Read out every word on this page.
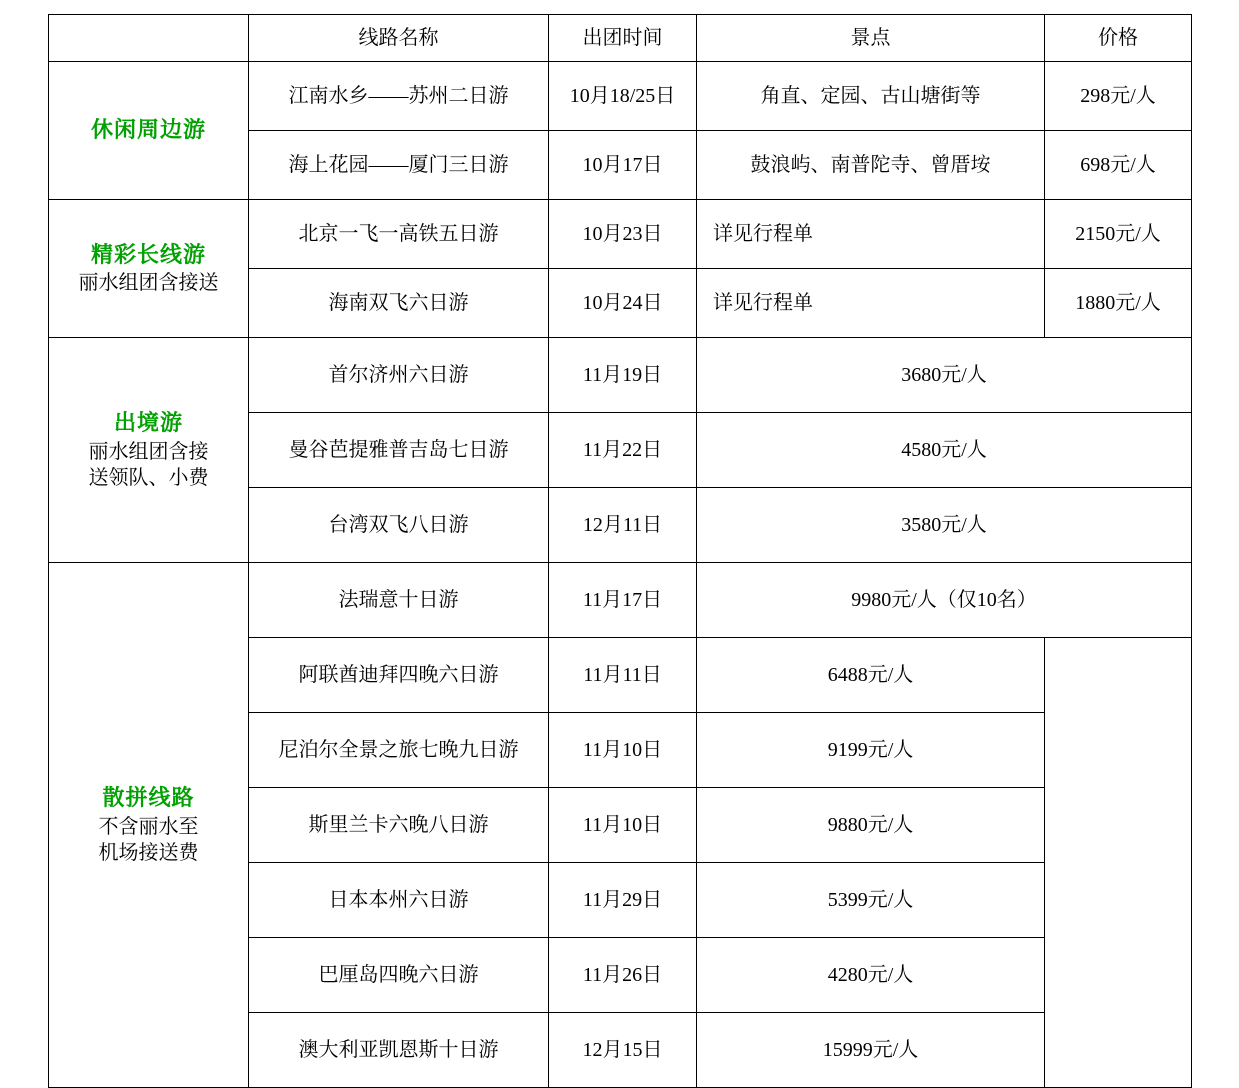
	线路名称	出团时间	景点	价格

休闲周边游	江南水乡——苏州二日游	10月18/25日	角直、定园、古山塘街等	298元/人
	海上花园——厦门三日游	10月17日	鼓浪屿、南普陀寺、曾厝垵	698元/人

精彩长线游
丽水组团含接送	北京一飞一高铁五日游	10月23日	详见行程单	2150元/人
	海南双飞六日游	10月24日	详见行程单	1880元/人

出境游
丽水组团含接
送领队、小费	首尔济州六日游	11月19日	3680元/人	
	曼谷芭提雅普吉岛七日游	11月22日	4580元/人	
	台湾双飞八日游	12月11日	3580元/人	

散拼线路
不含丽水至
机场接送费	法瑞意十日游	11月17日	9980元/人（仅10名）	
	阿联酋迪拜四晚六日游	11月11日	6488元/人	
	尼泊尔全景之旅七晚九日游	11月10日	9199元/人	
	斯里兰卡六晚八日游	11月10日	9880元/人	
	日本本州六日游	11月29日	5399元/人	
	巴厘岛四晚六日游	11月26日	4280元/人	
	澳大利亚凯恩斯十日游	12月15日	15999元/人	
